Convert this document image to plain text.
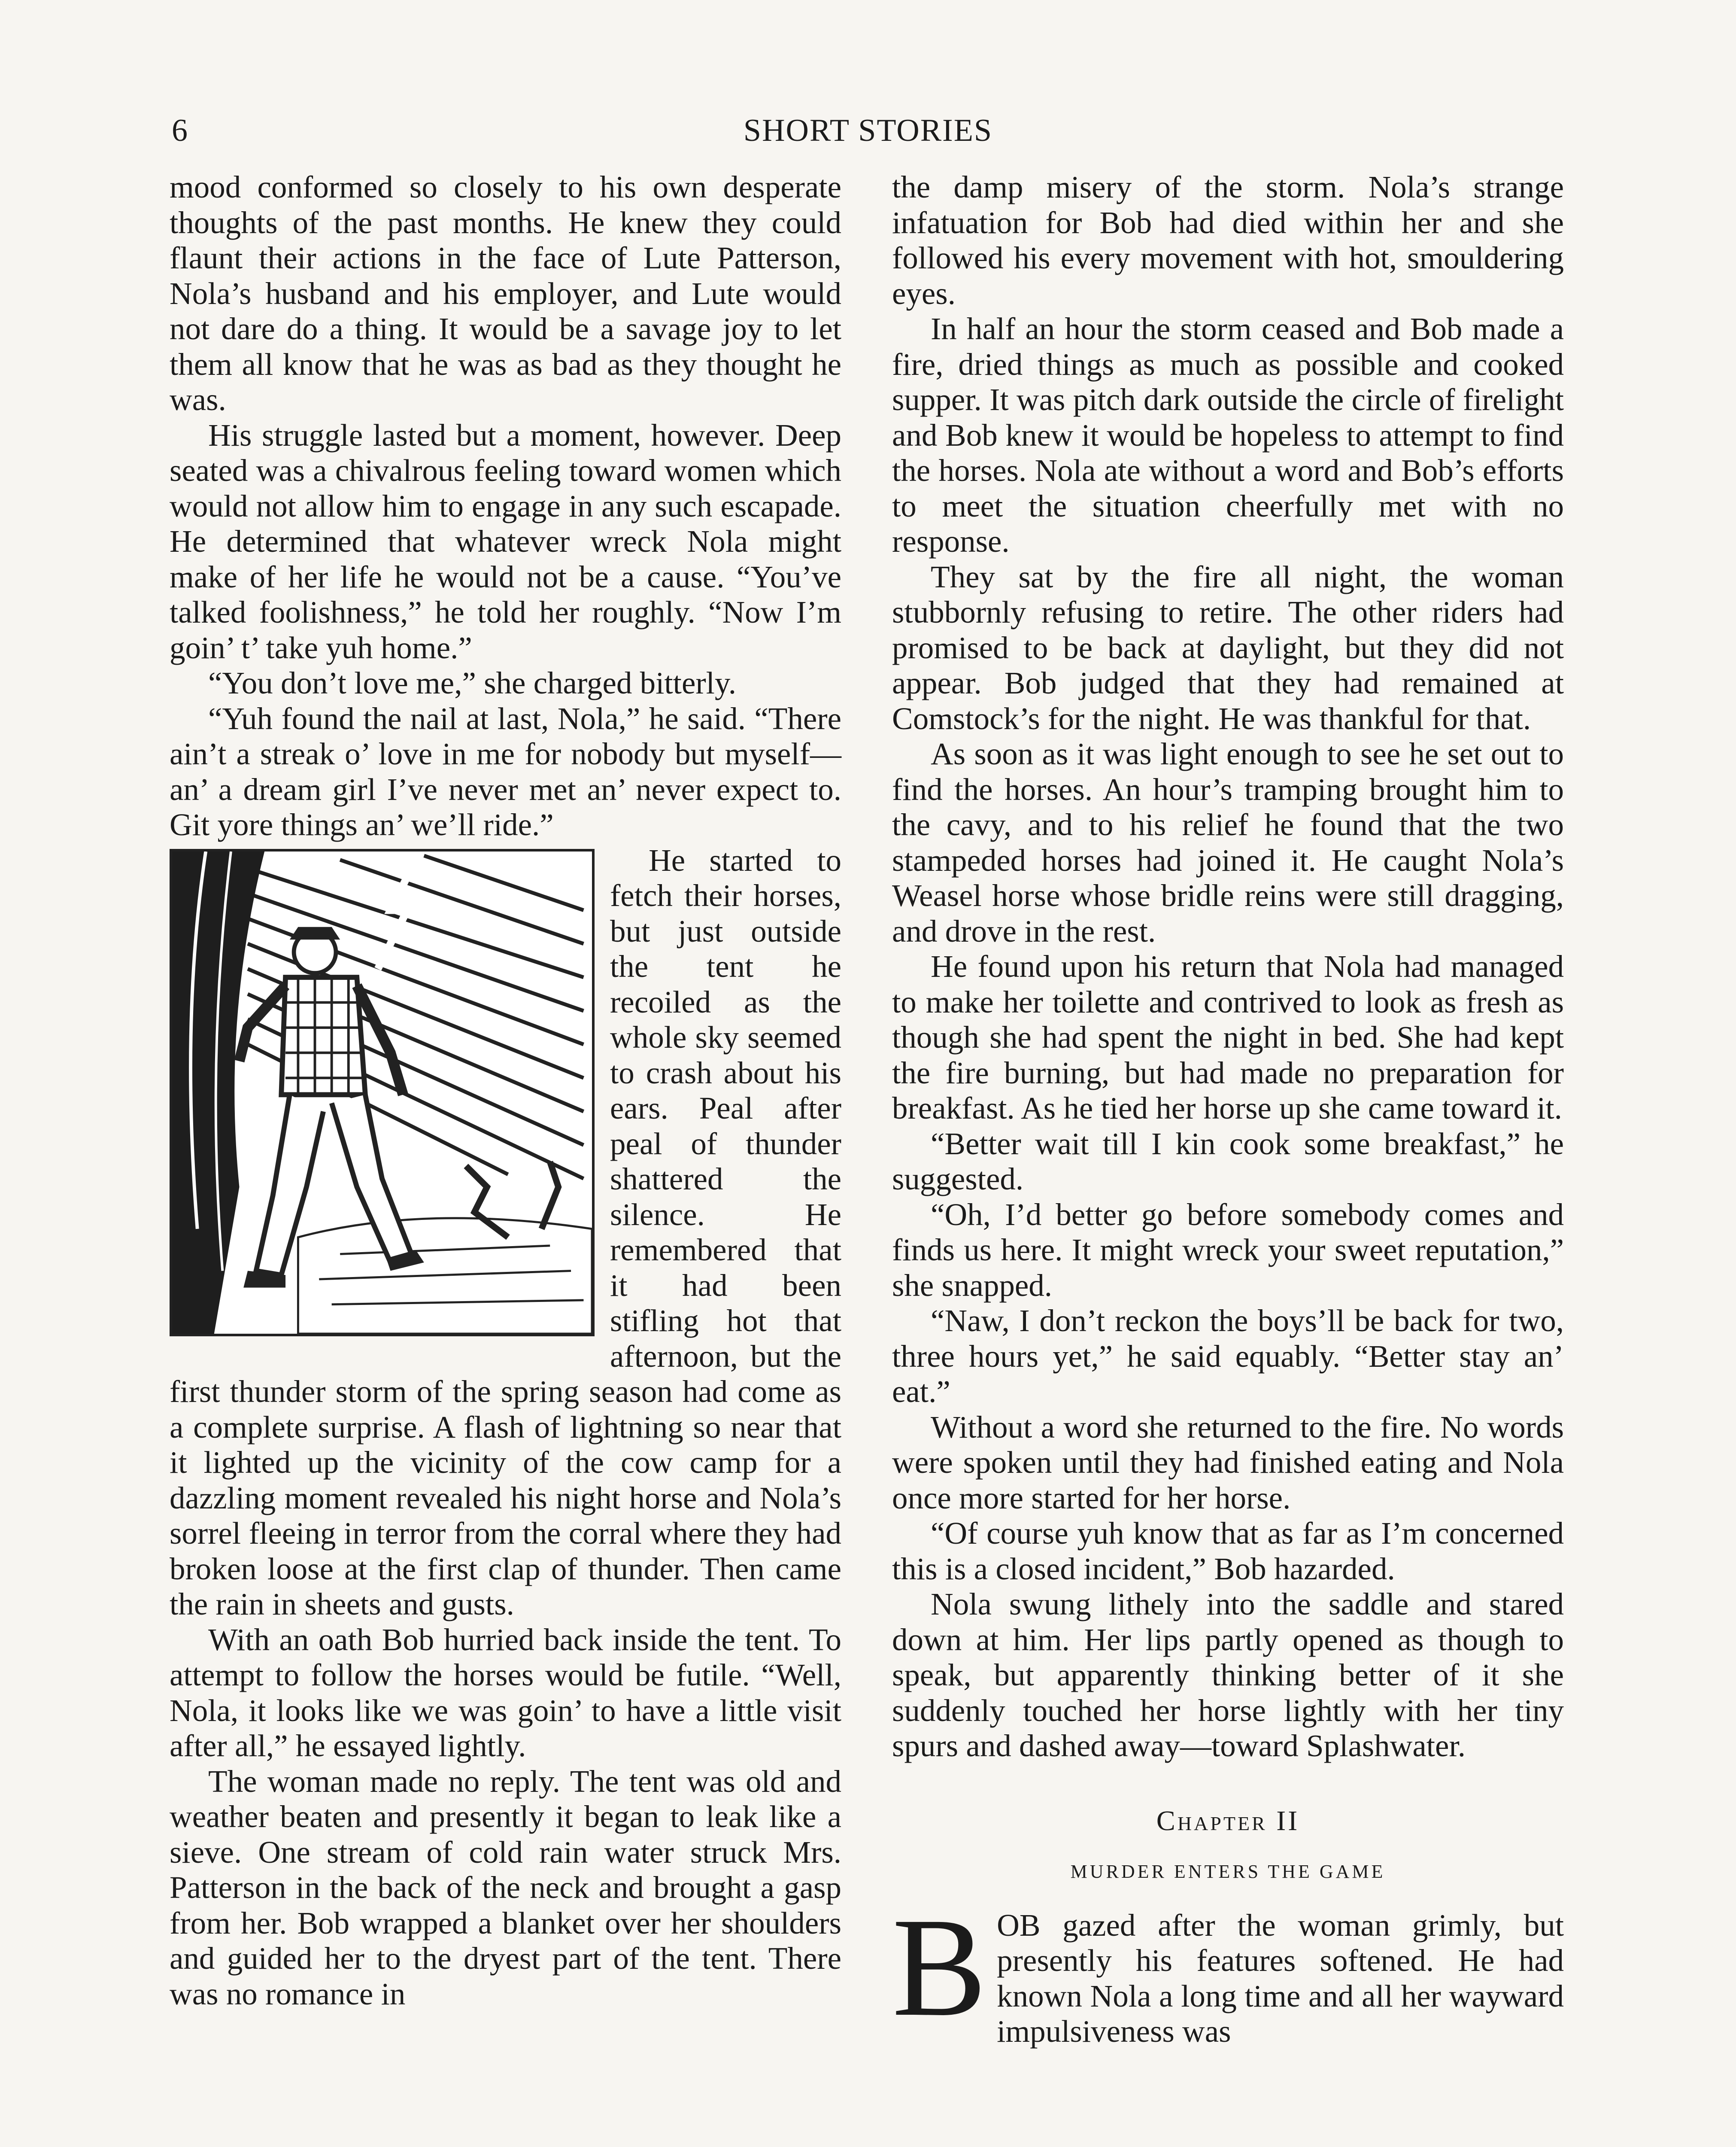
6	SHORT STORIES

mood conformed so closely to his own desperate thoughts of the past months. He knew they could flaunt their actions in the face of Lute Patterson, Nola’s husband and his employer, and Lute would not dare do a thing. It would be a savage joy to let them all know that he was as bad as they thought he was.

His struggle lasted but a moment, however. Deep seated was a chivalrous feeling toward women which would not allow him to engage in any such escapade. He determined that whatever wreck Nola might make of her life he would not be a cause. “You’ve talked foolishness,” he told her roughly. “Now I’m goin’ t’ take yuh home.”

“You don’t love me,” she charged bitterly.

“Yuh found the nail at last, Nola,” he said. “There ain’t a streak o’ love in me for nobody but myself—an’ a dream girl I’ve never met an’ never expect to. Git yore things an’ we’ll ride.”

He started to fetch their horses, but just outside the tent he recoiled as the whole sky seemed to crash about his ears. Peal after peal of thunder shattered the silence. He remembered that it had been stifling hot that afternoon, but the first thunder storm of the spring season had come as a complete surprise. A flash of lightning so near that it lighted up the vicinity of the cow camp for a dazzling moment revealed his night horse and Nola’s sorrel fleeing in terror from the corral where they had broken loose at the first clap of thunder. Then came the rain in sheets and gusts.

With an oath Bob hurried back inside the tent. To attempt to follow the horses would be futile. “Well, Nola, it looks like we was goin’ to have a little visit after all,” he essayed lightly.

The woman made no reply. The tent was old and weather beaten and presently it began to leak like a sieve. One stream of cold rain water struck Mrs. Patterson in the back of the neck and brought a gasp from her. Bob wrapped a blanket over her shoulders and guided her to the dryest part of the tent. There was no romance in

the damp misery of the storm. Nola’s strange infatuation for Bob had died within her and she followed his every movement with hot, smouldering eyes.

In half an hour the storm ceased and Bob made a fire, dried things as much as possible and cooked supper. It was pitch dark outside the circle of firelight and Bob knew it would be hopeless to attempt to find the horses. Nola ate without a word and Bob’s efforts to meet the situation cheerfully met with no response.

They sat by the fire all night, the woman stubbornly refusing to retire. The other riders had promised to be back at daylight, but they did not appear. Bob judged that they had remained at Comstock’s for the night. He was thankful for that.

As soon as it was light enough to see he set out to find the horses. An hour’s tramping brought him to the cavy, and to his relief he found that the two stampeded horses had joined it. He caught Nola’s Weasel horse whose bridle reins were still dragging, and drove in the rest.

He found upon his return that Nola had managed to make her toilette and contrived to look as fresh as though she had spent the night in bed. She had kept the fire burning, but had made no preparation for breakfast. As he tied her horse up she came toward it.

“Better wait till I kin cook some breakfast,” he suggested.

“Oh, I’d better go before somebody comes and finds us here. It might wreck your sweet reputation,” she snapped.

“Naw, I don’t reckon the boys’ll be back for two, three hours yet,” he said equably. “Better stay an’ eat.”

Without a word she returned to the fire. No words were spoken until they had finished eating and Nola once more started for her horse.

“Of course yuh know that as far as I’m concerned this is a closed incident,” Bob hazarded.

Nola swung lithely into the saddle and stared down at him. Her lips partly opened as though to speak, but apparently thinking better of it she suddenly touched her horse lightly with her tiny spurs and dashed away—toward Splashwater.

Chapter II
MURDER ENTERS THE GAME

BOB gazed after the woman grimly, but presently his features softened. He had known Nola a long time and all her wayward impulsiveness was
